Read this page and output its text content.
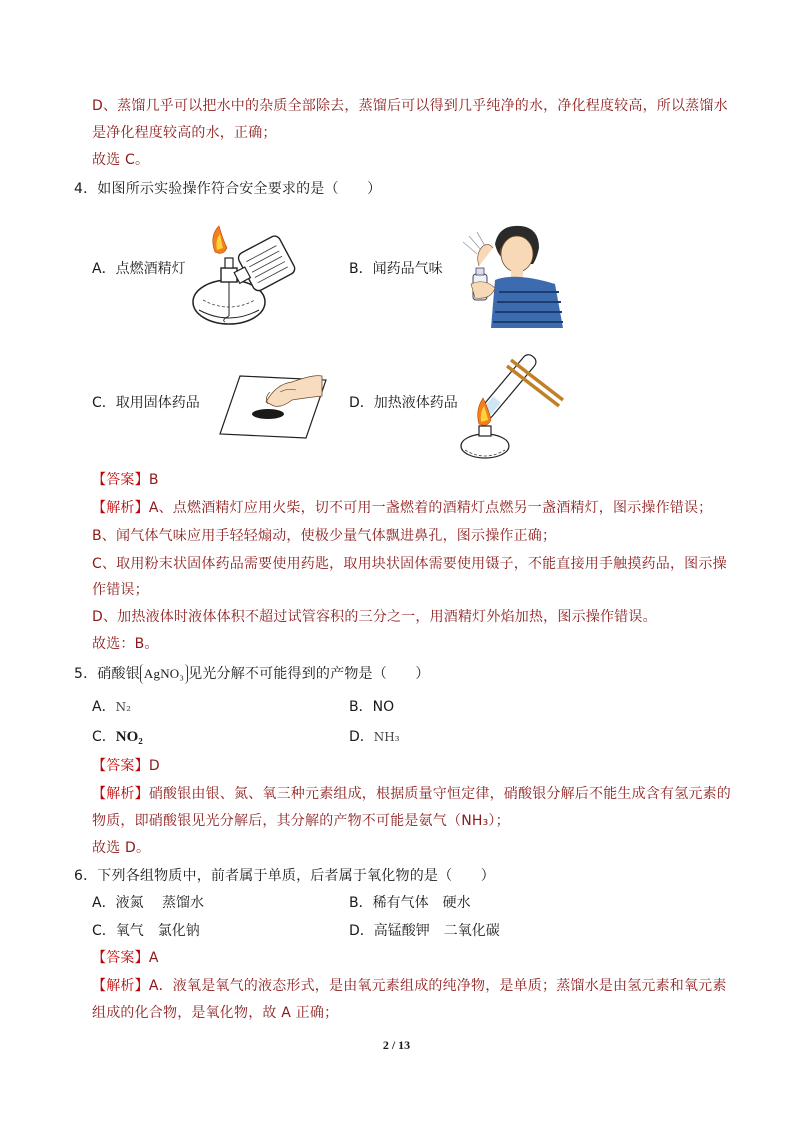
D、蒸馏几乎可以把水中的杂质全部除去，蒸馏后可以得到几乎纯净的水，净化程度较高，所以蒸馏水
是净化程度较高的水，正确；
故选 C。
4．如图所示实验操作符合安全要求的是（　　）
A．点燃酒精灯	B．闻药品气味
C．取用固体药品	D．加热液体药品
【答案】B
【解析】A、点燃酒精灯应用火柴，切不可用一盏燃着的酒精灯点燃另一盏酒精灯，图示操作错误；
B、闻气体气味应用手轻轻煽动，使极少量气体飘进鼻孔，图示操作正确；
C、取用粉末状固体药品需要使用药匙，取用块状固体需要使用镊子，不能直接用手触摸药品，图示操
作错误；
D、加热液体时液体体积不超过试管容积的三分之一，用酒精灯外焰加热，图示操作错误。
故选：B。
5．硝酸银 AgNO₃ 见光分解不可能得到的产物是（　　）
A．N₂	B．NO
C．NO₂	D．NH₃
【答案】D
【解析】硝酸银由银、氮、氧三种元素组成，根据质量守恒定律，硝酸银分解后不能生成含有氢元素的
物质，即硝酸银见光分解后，其分解的产物不可能是氨气（NH₃）；
故选 D。
6．下列各组物质中，前者属于单质，后者属于氧化物的是（　　）
A．液氮　 蒸馏水	B．稀有气体　硬水
C．氧气　氯化钠	D．高锰酸钾　二氧化碳
【答案】A
【解析】A．液氧是氧气的液态形式，是由氧元素组成的纯净物，是单质；蒸馏水是由氢元素和氧元素
组成的化合物，是氧化物，故 A 正确；
2 / 13
